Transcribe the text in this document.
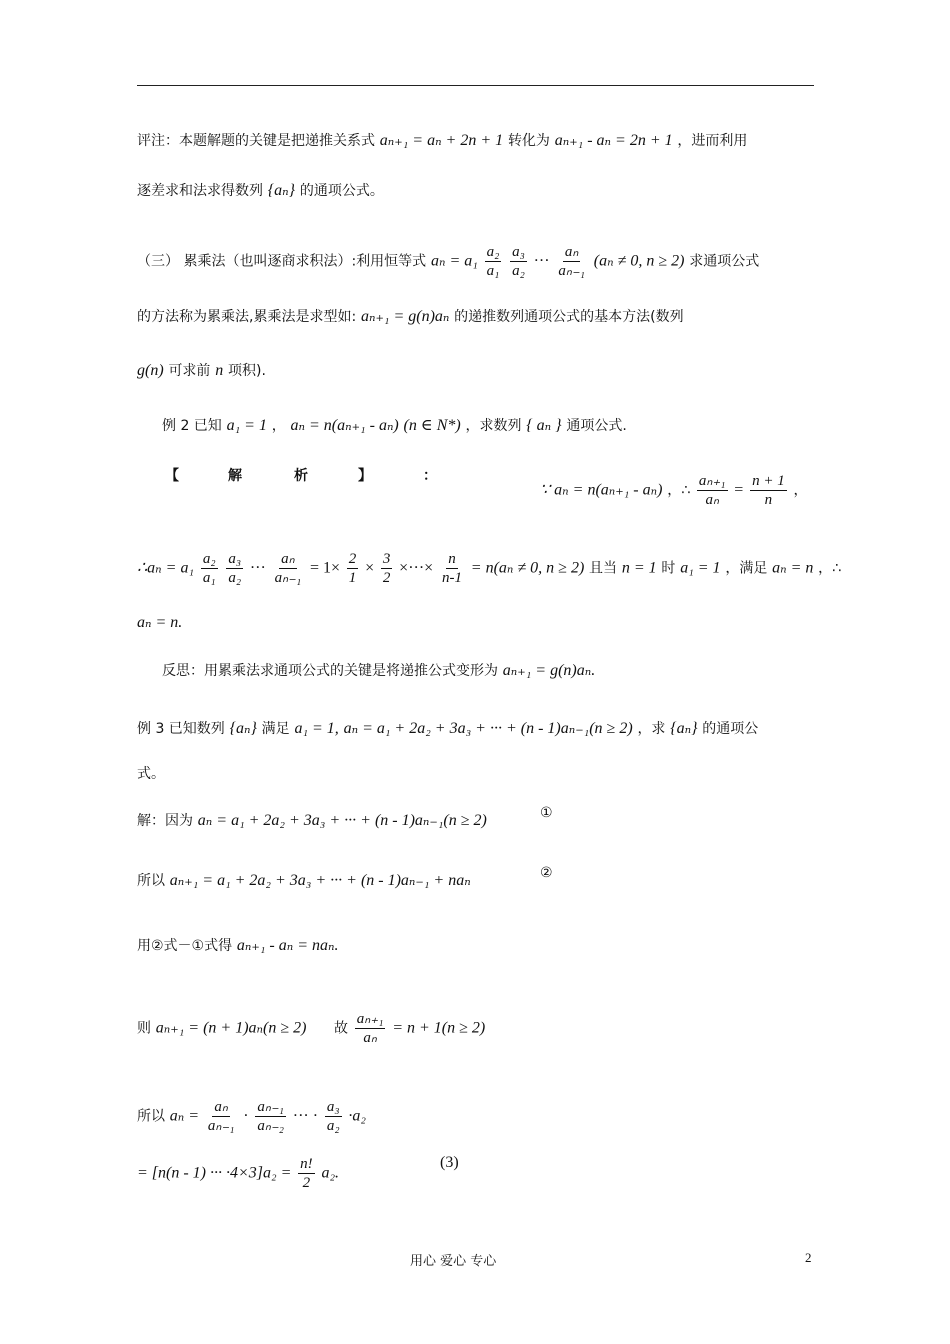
评注：本题解题的关键是把递推关系式 aₙ₊₁ = aₙ + 2n + 1 转化为 aₙ₊₁ - aₙ = 2n + 1 ，进而利用
逐差求和法求得数列 {aₙ} 的通项公式。
（三） 累乘法（也叫逐商求积法）:利用恒等式 $a_n = a_1 \frac{\text{a₂}}{\text{a₁}}$
$\frac{\text{a₃}}{\text{a₂}}$ ··· $\frac{\text{aₙ}}{\text{aₙ₋₁}} (a_n \ne 0$, n ≥ 2) 求通项公式
的方法称为累乘法,累乘法是求型如: aₙ₊₁ = g(n)aₙ 的递推数列通项公式的基本方法(数列
g(n) 可求前 n 项积).
例 2 已知 a₁ = 1 ， aₙ = n(aₙ₊₁ - aₙ) (n ∈ N*) ，求数列 { aₙ } 通项公式.
【	解	析	】	：
∵ aₙ = n(aₙ₊₁ - aₙ) ，∴ $\frac{\text{aₙ₊₁}}{\text{aₙ}} = \frac{n + 1}{n}$ ，
∴aₙ = $a_1 \frac{\text{a₂}}{\text{a₁}}$
$\frac{\text{a₃}}{\text{a₂}}$ ··· $\frac{\text{aₙ}}{\text{aₙ₋₁}} = 1\times \frac{2}{1} \times \frac{3}{2}$ ×···× $\frac{n}{n-1} = n(a_n \ne 0$, n ≥ 2) 且当 n = 1 时 a₁ = 1 ，满足 aₙ = n ，∴
aₙ = n.
反思：用累乘法求通项公式的关键是将递推公式变形为 aₙ₊₁ = g(n)aₙ.
例 3 已知数列 {aₙ} 满足 a₁ = 1, aₙ = a₁ + 2a₂ + 3a₃ + ··· + (n - 1)aₙ₋₁(n ≥ 2) ，求 {aₙ} 的通项公
式。
解：因为 aₙ = a₁ + 2a₂ + 3a₃ + ··· + (n - 1)aₙ₋₁(n ≥ 2)	①
所以 aₙ₊₁ = a₁ + 2a₂ + 3a₃ + ··· + (n - 1)aₙ₋₁ + naₙ	②
用②式－①式得 aₙ₊₁ - aₙ = naₙ.
则 aₙ₊₁ = (n + 1)aₙ(n ≥ 2) 故 $\frac{\text{aₙ₊₁}}{\text{aₙ}} = n + 1(n \ge 2)$
所以 $a_n = \frac{\text{aₙ}}{\text{aₙ₋₁}} \cdot \frac{\text{aₙ₋₁}}{\text{aₙ₋₂}}$ ··· · $\frac{\text{a₃}}{\text{a₂}} \cdot a_2$
= [n(n - 1) ··· $\cdot 4\times 3]a_2 = \frac{n!}{2} a_2$.
(3)
用心 爱心 专心	2
